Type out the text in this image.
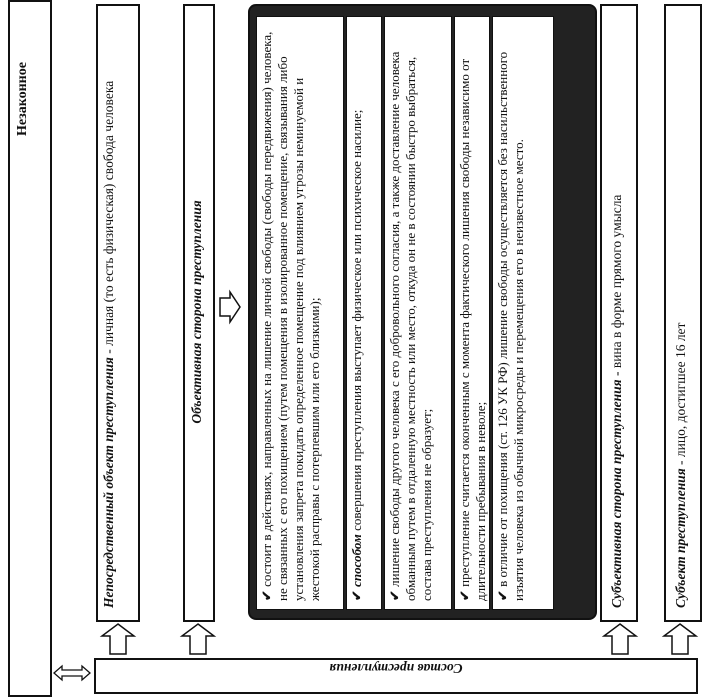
Незаконное
Непосредственный объект преступления - личная (то есть физическая) свобода человека	Объективная сторона преступления
✔ состоит в действиях, направленных на лишение личной свободы (свободы передвижения) человека, не связанных с его похищением (путем помещения в изолированное помещение, связывания либо установления запрета покидать определенное помещение под влиянием угрозы неминуемой и жестокой расправы с потерпевшим или его близкими);	✔ способом совершения преступления выступает физическое или психическое насилие;
✔ лишение свободы другого человека с его добровольного согласия, а также доставление человека обманным путем в отдаленную местность или место, откуда он не в состоянии быстро выбраться, состава преступления не образует;	✔ преступление считается оконченным с момента фактического лишения свободы независимо от длительности пребывания в неволе; ✔ в отличие от похищения (ст. 126 УК РФ) лишение свободы осуществляется без насильственного изъятия человека из обычной микросреды и перемещения его в неизвестное место.	Субъективная сторона преступления - вина в форме прямого умысла
Субъект преступления - лицо, достигшее 16 лет
Состав преступления
